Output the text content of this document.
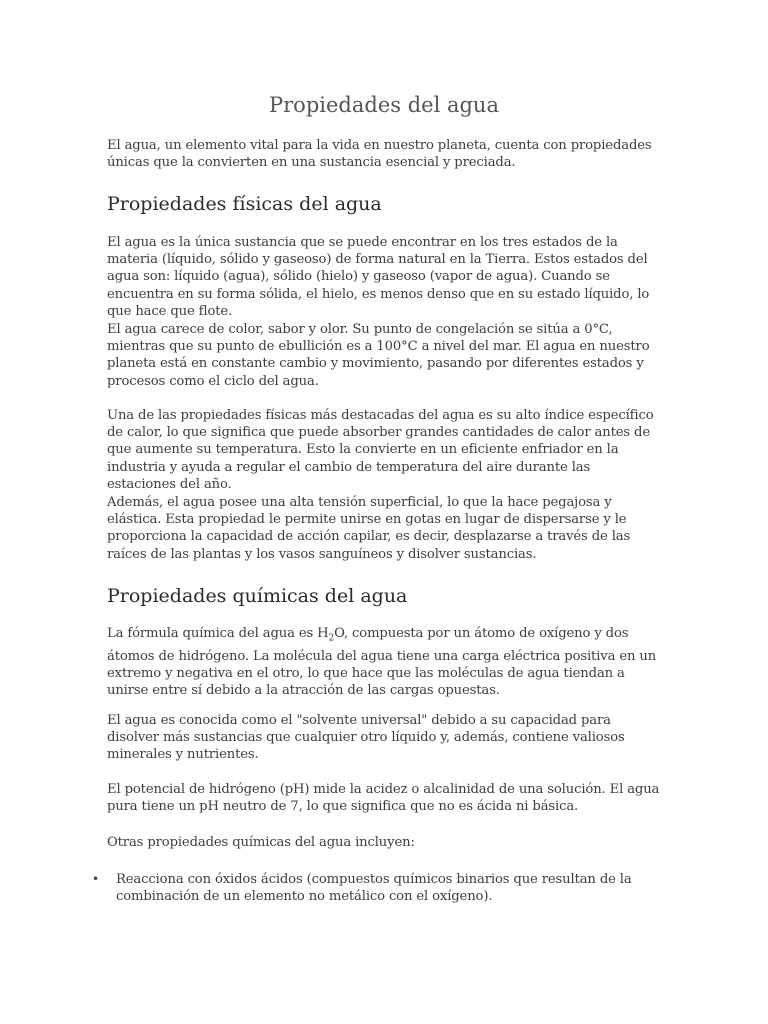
Propiedades del agua

El agua, un elemento vital para la vida en nuestro planeta, cuenta con propiedades únicas que la convierten en una sustancia esencial y preciada.

Propiedades físicas del agua

El agua es la única sustancia que se puede encontrar en los tres estados de la materia (líquido, sólido y gaseoso) de forma natural en la Tierra. Estos estados del agua son: líquido (agua), sólido (hielo) y gaseoso (vapor de agua). Cuando se encuentra en su forma sólida, el hielo, es menos denso que en su estado líquido, lo que hace que flote.

El agua carece de color, sabor y olor. Su punto de congelación se sitúa a 0°C, mientras que su punto de ebullición es a 100°C a nivel del mar. El agua en nuestro planeta está en constante cambio y movimiento, pasando por diferentes estados y procesos como el ciclo del agua.

Una de las propiedades físicas más destacadas del agua es su alto índice específico de calor, lo que significa que puede absorber grandes cantidades de calor antes de que aumente su temperatura. Esto la convierte en un eficiente enfriador en la industria y ayuda a regular el cambio de temperatura del aire durante las estaciones del año.

Además, el agua posee una alta tensión superficial, lo que la hace pegajosa y elástica. Esta propiedad le permite unirse en gotas en lugar de dispersarse y le proporciona la capacidad de acción capilar, es decir, desplazarse a través de las raíces de las plantas y los vasos sanguíneos y disolver sustancias.

Propiedades químicas del agua

La fórmula química del agua es $H_2O$, compuesta por un átomo de oxígeno y dos átomos de hidrógeno. La molécula del agua tiene una carga eléctrica positiva en un extremo y negativa en el otro, lo que hace que las moléculas de agua tiendan a unirse entre sí debido a la atracción de las cargas opuestas.

El agua es conocida como el "solvente universal" debido a su capacidad para disolver más sustancias que cualquier otro líquido y, además, contiene valiosos minerales y nutrientes.

El potencial de hidrógeno (pH) mide la acidez o alcalinidad de una solución. El agua pura tiene un pH neutro de 7, lo que significa que no es ácida ni básica.

Otras propiedades químicas del agua incluyen:

• Reacciona con óxidos ácidos (compuestos químicos binarios que resultan de la combinación de un elemento no metálico con el oxígeno).
